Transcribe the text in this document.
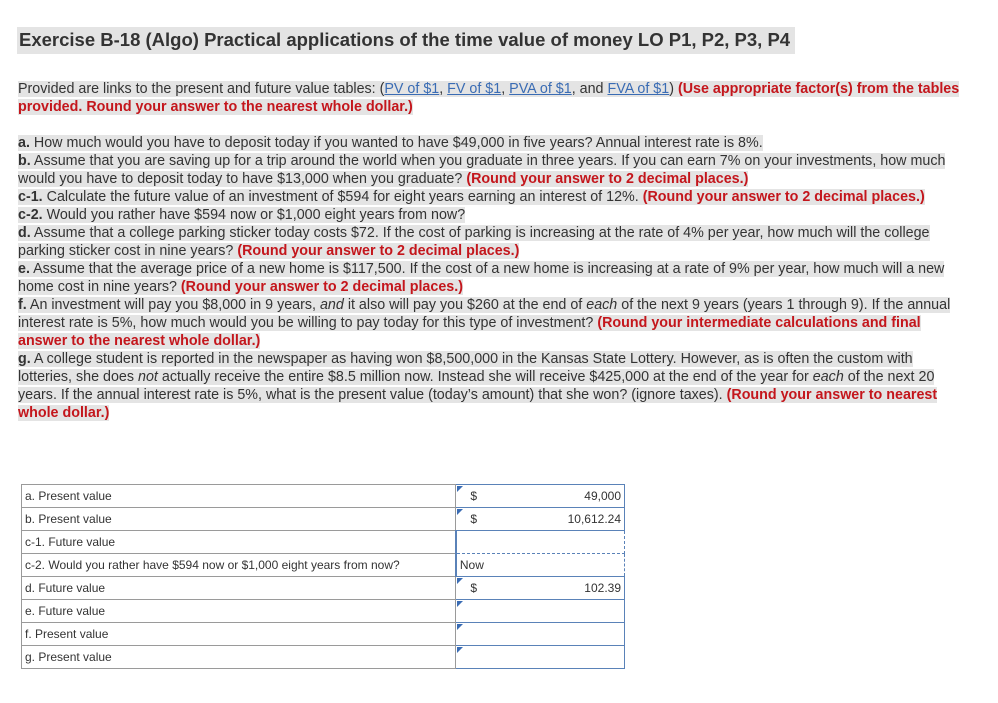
Exercise B-18 (Algo) Practical applications of the time value of money LO P1, P2, P3, P4
Provided are links to the present and future value tables: (PV of $1, FV of $1, PVA of $1, and FVA of $1) (Use appropriate factor(s) from the tables provided. Round your answer to the nearest whole dollar.)

a. How much would you have to deposit today if you wanted to have $49,000 in five years? Annual interest rate is 8%.

b. Assume that you are saving up for a trip around the world when you graduate in three years. If you can earn 7% on your investments, how much would you have to deposit today to have $13,000 when you graduate? (Round your answer to 2 decimal places.)

c-1. Calculate the future value of an investment of $594 for eight years earning an interest of 12%. (Round your answer to 2 decimal places.)

c-2. Would you rather have $594 now or $1,000 eight years from now?

d. Assume that a college parking sticker today costs $72. If the cost of parking is increasing at the rate of 4% per year, how much will the college parking sticker cost in nine years? (Round your answer to 2 decimal places.)

e. Assume that the average price of a new home is $117,500. If the cost of a new home is increasing at a rate of 9% per year, how much will a new home cost in nine years? (Round your answer to 2 decimal places.)

f. An investment will pay you $8,000 in 9 years, and it also will pay you $260 at the end of each of the next 9 years (years 1 through 9). If the annual interest rate is 5%, how much would you be willing to pay today for this type of investment? (Round your intermediate calculations and final answer to the nearest whole dollar.)

g. A college student is reported in the newspaper as having won $8,500,000 in the Kansas State Lottery. However, as is often the custom with lotteries, she does not actually receive the entire $8.5 million now. Instead she will receive $425,000 at the end of the year for each of the next 20 years. If the annual interest rate is 5%, what is the present value (today’s amount) that she won? (ignore taxes). (Round your answer to nearest whole dollar.)

a. Present value	$ 49,000

b. Present value	$ 10,612.24

c-1. Future value	

c-2. Would you rather have $594 now or $1,000 eight years from now?	Now

d. Future value	$ 102.39

e. Future value	

f. Present value	

g. Present value	
